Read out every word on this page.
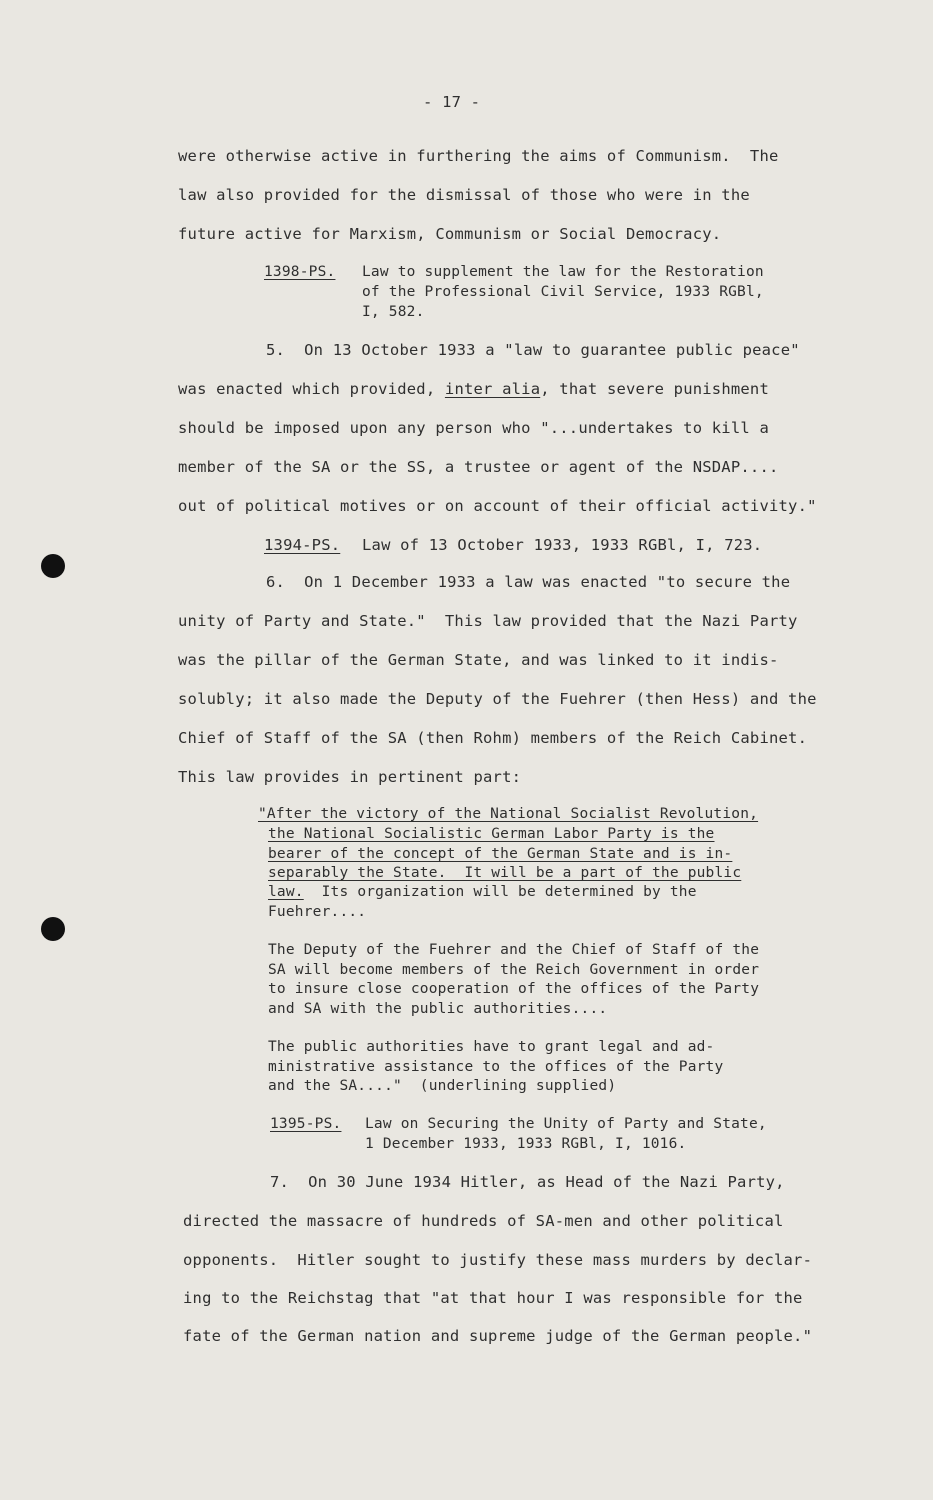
- 17 -
were otherwise active in furthering the aims of Communism.  The
law also provided for the dismissal of those who were in the
future active for Marxism, Communism or Social Democracy.
1398-PS. Law to supplement the law for the Restoration
of the Professional Civil Service, 1933 RGBl,
I, 582.
5.  On 13 October 1933 a "law to guarantee public peace"
was enacted which provided, inter alia, that severe punishment
should be imposed upon any person who "...undertakes to kill a
member of the SA or the SS, a trustee or agent of the NSDAP....
out of political motives or on account of their official activity."
1394-PS. Law of 13 October 1933, 1933 RGBl, I, 723.
6.  On 1 December 1933 a law was enacted "to secure the
unity of Party and State."  This law provided that the Nazi Party
was the pillar of the German State, and was linked to it indis-
solubly; it also made the Deputy of the Fuehrer (then Hess) and the
Chief of Staff of the SA (then Rohm) members of the Reich Cabinet.
This law provides in pertinent part:
"After the victory of the National Socialist Revolution,
the National Socialistic German Labor Party is the
bearer of the concept of the German State and is in-
separably the State.  It will be a part of the public
law.  Its organization will be determined by the
Fuehrer....
The Deputy of the Fuehrer and the Chief of Staff of the
SA will become members of the Reich Government in order
to insure close cooperation of the offices of the Party
and SA with the public authorities....
The public authorities have to grant legal and ad-
ministrative assistance to the offices of the Party
and the SA...."  (underlining supplied)
1395-PS. Law on Securing the Unity of Party and State,
1 December 1933, 1933 RGBl, I, 1016.
7.  On 30 June 1934 Hitler, as Head of the Nazi Party,
directed the massacre of hundreds of SA-men and other political
opponents.  Hitler sought to justify these mass murders by declar-
ing to the Reichstag that "at that hour I was responsible for the
fate of the German nation and supreme judge of the German people."
